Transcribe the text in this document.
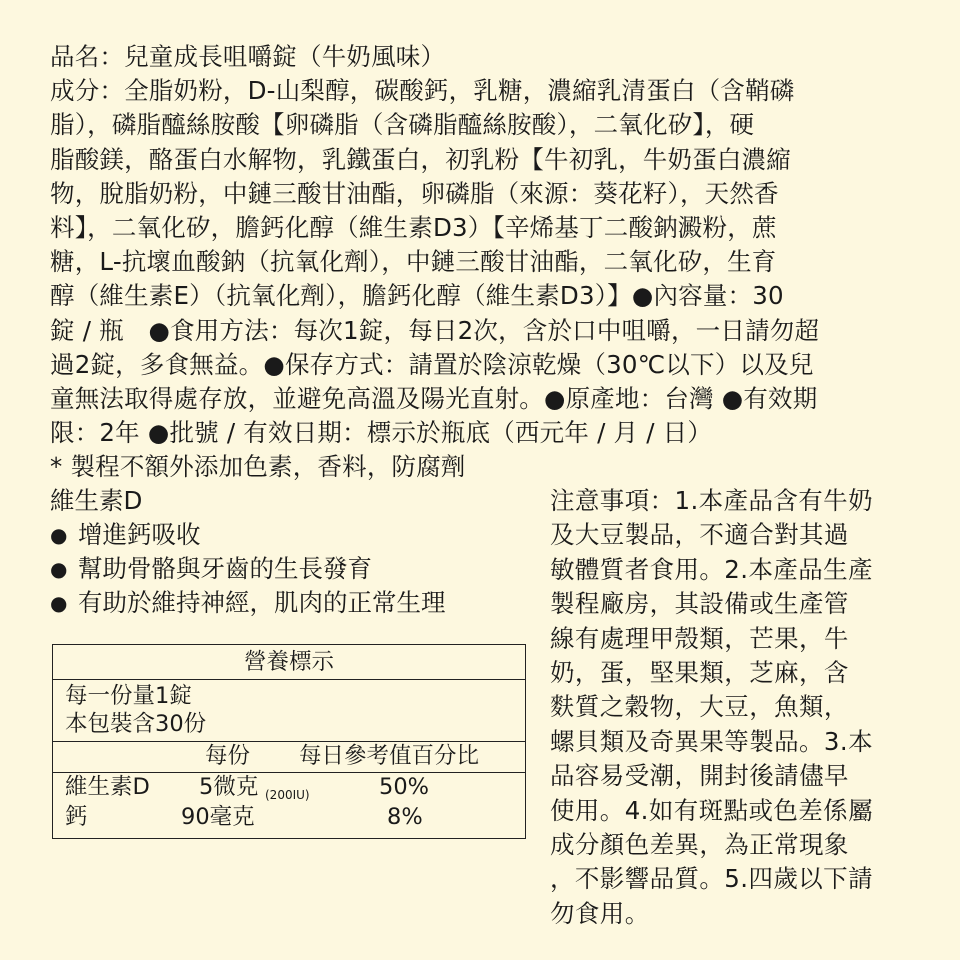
品名：兒童成長咀嚼錠（牛奶風味）
成分：全脂奶粉，D-山梨醇，碳酸鈣，乳糖，濃縮乳清蛋白（含鞘磷
脂），磷脂醯絲胺酸【卵磷脂（含磷脂醯絲胺酸），二氧化矽】，硬
脂酸鎂，酪蛋白水解物，乳鐵蛋白，初乳粉【牛初乳，牛奶蛋白濃縮
物，脫脂奶粉，中鏈三酸甘油酯，卵磷脂（來源：葵花籽），天然香
料】，二氧化矽，膽鈣化醇（維生素D3）【辛烯基丁二酸鈉澱粉，蔗
糖，L-抗壞血酸鈉（抗氧化劑），中鏈三酸甘油酯，二氧化矽，生育
醇（維生素E）（抗氧化劑），膽鈣化醇（維生素D3）】●內容量：30
錠 / 瓶　●食用方法：每次1錠，每日2次，含於口中咀嚼，一日請勿超
過2錠，多食無益。●保存方式：請置於陰涼乾燥（30℃以下）以及兒
童無法取得處存放，並避免高溫及陽光直射。●原產地：台灣 ●有效期
限：2年 ●批號 / 有效日期：標示於瓶底（西元年 / 月 / 日）
* 製程不額外添加色素，香料，防腐劑
維生素D
● 增進鈣吸收
● 幫助骨骼與牙齒的生長發育
● 有助於維持神經，肌肉的正常生理
營養標示
每一份量1錠
本包裝含30份
每份 每日參考值百分比
維生素D 5微克 (200IU)	50%
鈣	90毫克	8%
注意事項：1.本產品含有牛奶
及大豆製品，不適合對其過
敏體質者食用。2.本產品生產
製程廠房，其設備或生產管
線有處理甲殼類，芒果，牛
奶，蛋，堅果類，芝麻，含
麩質之穀物，大豆，魚類，
螺貝類及奇異果等製品。3.本
品容易受潮，開封後請儘早
使用。4.如有斑點或色差係屬
成分顏色差異，為正常現象
，不影響品質。5.四歲以下請
勿食用。
